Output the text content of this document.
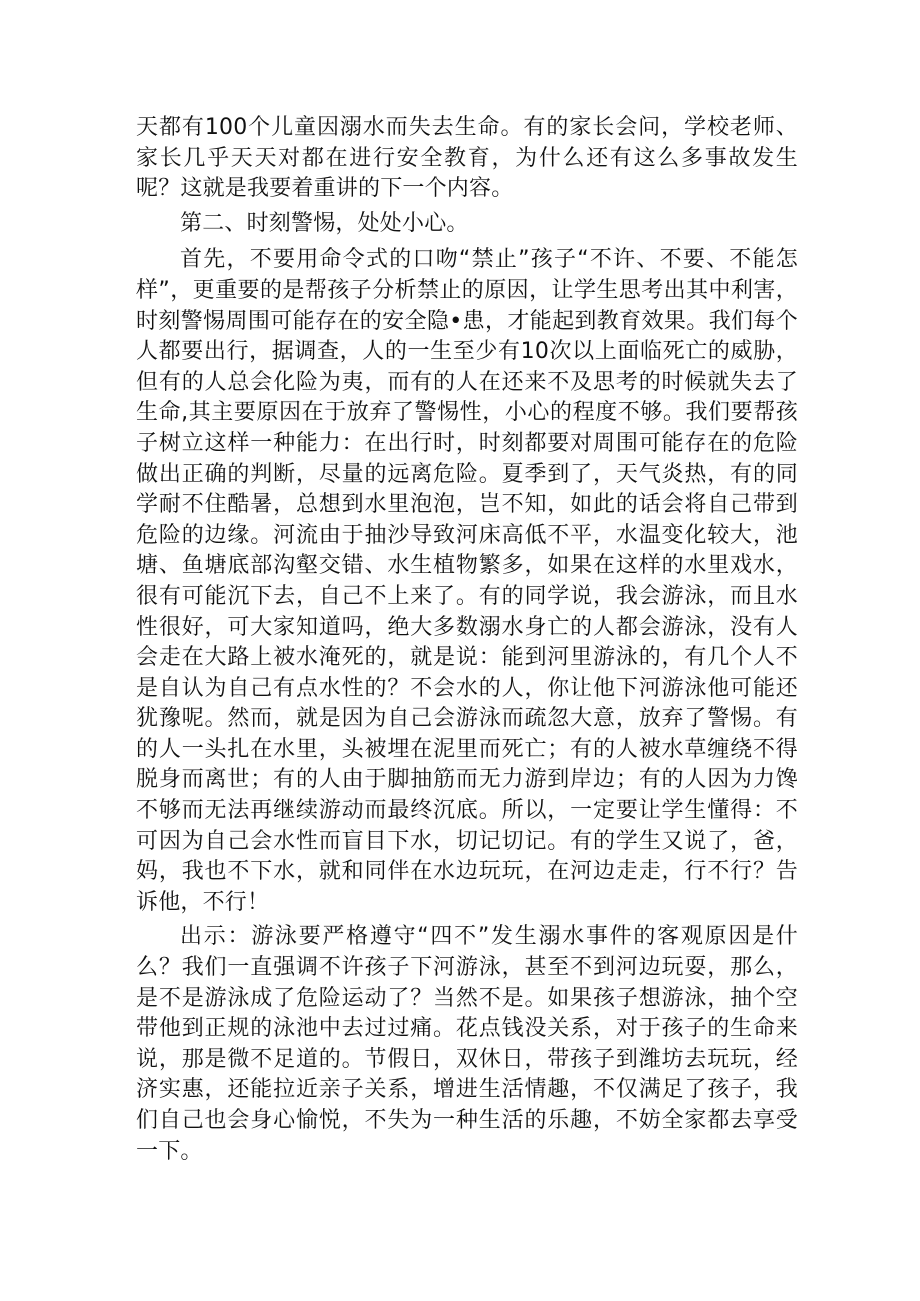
天都有100个儿童因溺水而失去生命。有的家长会问，学校老师、家长几乎天天对都在进行安全教育，为什么还有这么多事故发生呢？这就是我要着重讲的下一个内容。

第二、时刻警惕，处处小心。

首先，不要用命令式的口吻“禁止”孩子“不许、不要、不能怎样”，更重要的是帮孩子分析禁止的原因，让学生思考出其中利害，时刻警惕周围可能存在的安全隐•患，才能起到教育效果。我们每个人都要出行，据调查，人的一生至少有10次以上面临死亡的威胁，但有的人总会化险为夷，而有的人在还来不及思考的时候就失去了生命,其主要原因在于放弃了警惕性，小心的程度不够。我们要帮孩子树立这样一种能力：在出行时，时刻都要对周围可能存在的危险做出正确的判断，尽量的远离危险。夏季到了，天气炎热，有的同学耐不住酷暑，总想到水里泡泡，岂不知，如此的话会将自己带到危险的边缘。河流由于抽沙导致河床高低不平，水温变化较大，池塘、鱼塘底部沟壑交错、水生植物繁多，如果在这样的水里戏水，很有可能沉下去，自己不上来了。有的同学说，我会游泳，而且水性很好，可大家知道吗，绝大多数溺水身亡的人都会游泳，没有人会走在大路上被水淹死的，就是说：能到河里游泳的，有几个人不是自认为自己有点水性的？不会水的人，你让他下河游泳他可能还犹豫呢。然而，就是因为自己会游泳而疏忽大意，放弃了警惕。有的人一头扎在水里，头被埋在泥里而死亡；有的人被水草缠绕不得脱身而离世；有的人由于脚抽筋而无力游到岸边；有的人因为力馋不够而无法再继续游动而最终沉底。所以，一定要让学生懂得：不可因为自己会水性而盲目下水，切记切记。有的学生又说了，爸，妈，我也不下水，就和同伴在水边玩玩，在河边走走，行不行？告诉他，不行！

出示：游泳要严格遵守“四不”发生溺水事件的客观原因是什么？我们一直强调不许孩子下河游泳，甚至不到河边玩耍，那么，是不是游泳成了危险运动了？当然不是。如果孩子想游泳，抽个空带他到正规的泳池中去过过痛。花点钱没关系，对于孩子的生命来说，那是微不足道的。节假日，双休日，带孩子到潍坊去玩玩，经济实惠，还能拉近亲子关系，增进生活情趣，不仅满足了孩子，我们自己也会身心愉悦，不失为一种生活的乐趣，不妨全家都去享受一下。
